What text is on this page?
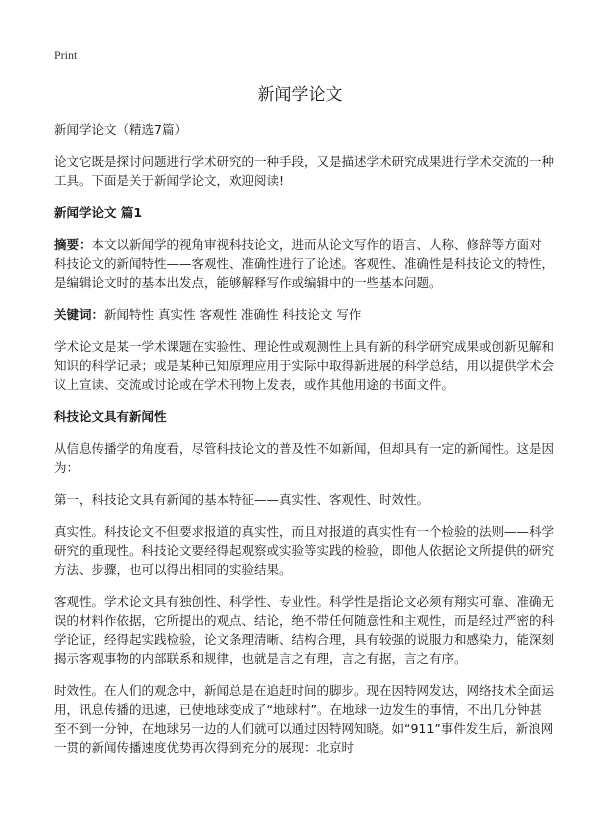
Print
新闻学论文

新闻学论文（精选7篇）

论文它既是探讨问题进行学术研究的一种手段，又是描述学术研究成果进行学术交流的一种工具。下面是关于新闻学论文，欢迎阅读!

新闻学论文 篇1

摘要：本文以新闻学的视角审视科技论文，进而从论文写作的语言、人称、修辞等方面对科技论文的新闻特性——客观性、准确性进行了论述。客观性、准确性是科技论文的特性，是编辑论文时的基本出发点，能够解释写作或编辑中的一些基本问题。

关键词：新闻特性 真实性 客观性 准确性 科技论文 写作

学术论文是某一学术课题在实验性、理论性或观测性上具有新的科学研究成果或创新见解和知识的科学记录；或是某种已知原理应用于实际中取得新进展的科学总结，用以提供学术会议上宣读、交流或讨论或在学术刊物上发表，或作其他用途的书面文件。

科技论文具有新闻性

从信息传播学的角度看，尽管科技论文的普及性不如新闻，但却具有一定的新闻性。这是因为：

第一，科技论文具有新闻的基本特征——真实性、客观性、时效性。

真实性。科技论文不但要求报道的真实性，而且对报道的真实性有一个检验的法则——科学研究的重现性。科技论文要经得起观察或实验等实践的检验，即他人依据论文所提供的研究方法、步骤，也可以得出相同的实验结果。

客观性。学术论文具有独创性、科学性、专业性。科学性是指论文必须有翔实可靠、准确无误的材料作依据，它所提出的观点、结论，绝不带任何随意性和主观性，而是经过严密的科学论证，经得起实践检验，论文条理清晰、结构合理，具有较强的说服力和感染力，能深刻揭示客观事物的内部联系和规律，也就是言之有理，言之有据，言之有序。

时效性。在人们的观念中，新闻总是在追赶时间的脚步。现在因特网发达，网络技术全面运用，讯息传播的迅速，已使地球变成了“地球村”。在地球一边发生的事情，不出几分钟甚至不到一分钟，在地球另一边的人们就可以通过因特网知晓。如“911”事件发生后，新浪网一贯的新闻传播速度优势再次得到充分的展现：北京时
